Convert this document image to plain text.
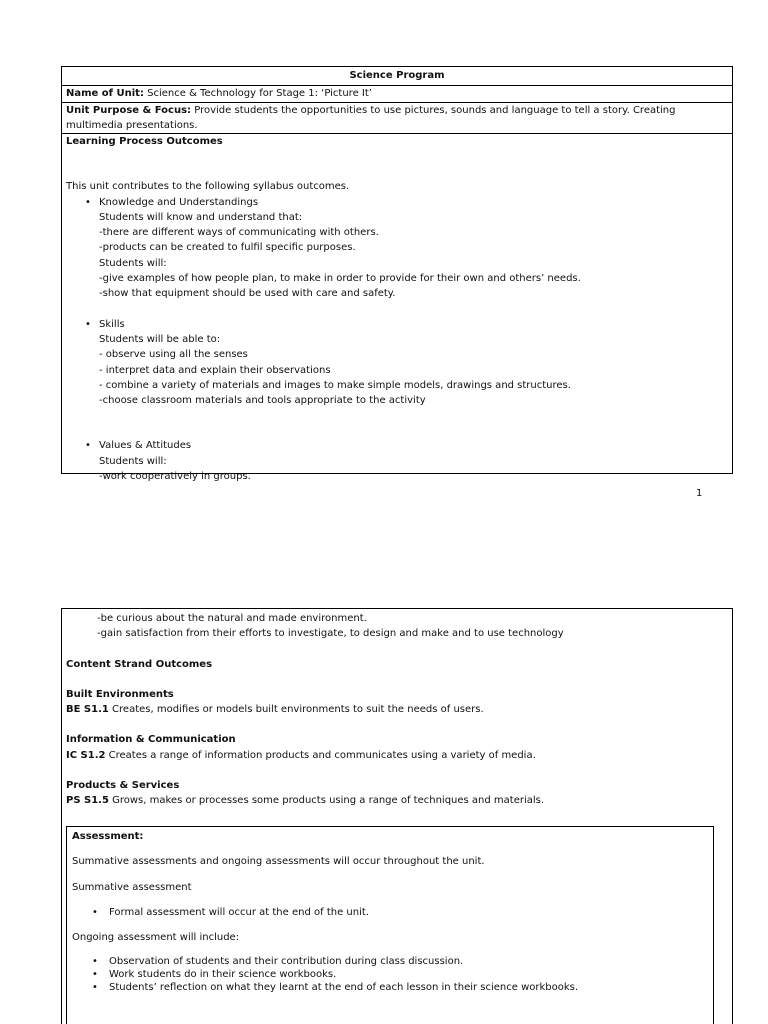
Science Program
Name of Unit: Science & Technology for Stage 1: ‘Picture It’
Unit Purpose & Focus: Provide students the opportunities to use pictures, sounds and language to tell a story. Creating multimedia presentations.
Learning Process Outcomes
This unit contributes to the following syllabus outcomes.
• Knowledge and Understandings
Students will know and understand that:
-there are different ways of communicating with others.
-products can be created to fulfil specific purposes.
Students will:
-give examples of how people plan, to make in order to provide for their own and others’ needs.
-show that equipment should be used with care and safety.
• Skills
Students will be able to:
- observe using all the senses
- interpret data and explain their observations
- combine a variety of materials and images to make simple models, drawings and structures.
-choose classroom materials and tools appropriate to the activity
• Values & Attitudes
Students will:
-work cooperatively in groups.
1
-be curious about the natural and made environment.
-gain satisfaction from their efforts to investigate, to design and make and to use technology
Content Strand Outcomes
Built Environments
BE S1.1 Creates, modifies or models built environments to suit the needs of users.
Information & Communication
IC S1.2 Creates a range of information products and communicates using a variety of media.
Products & Services
PS S1.5 Grows, makes or processes some products using a range of techniques and materials.
Assessment:
Summative assessments and ongoing assessments will occur throughout the unit.
Summative assessment
• Formal assessment will occur at the end of the unit.
Ongoing assessment will include:
• Observation of students and their contribution during class discussion.
• Work students do in their science workbooks.
• Students’ reflection on what they learnt at the end of each lesson in their science workbooks.
